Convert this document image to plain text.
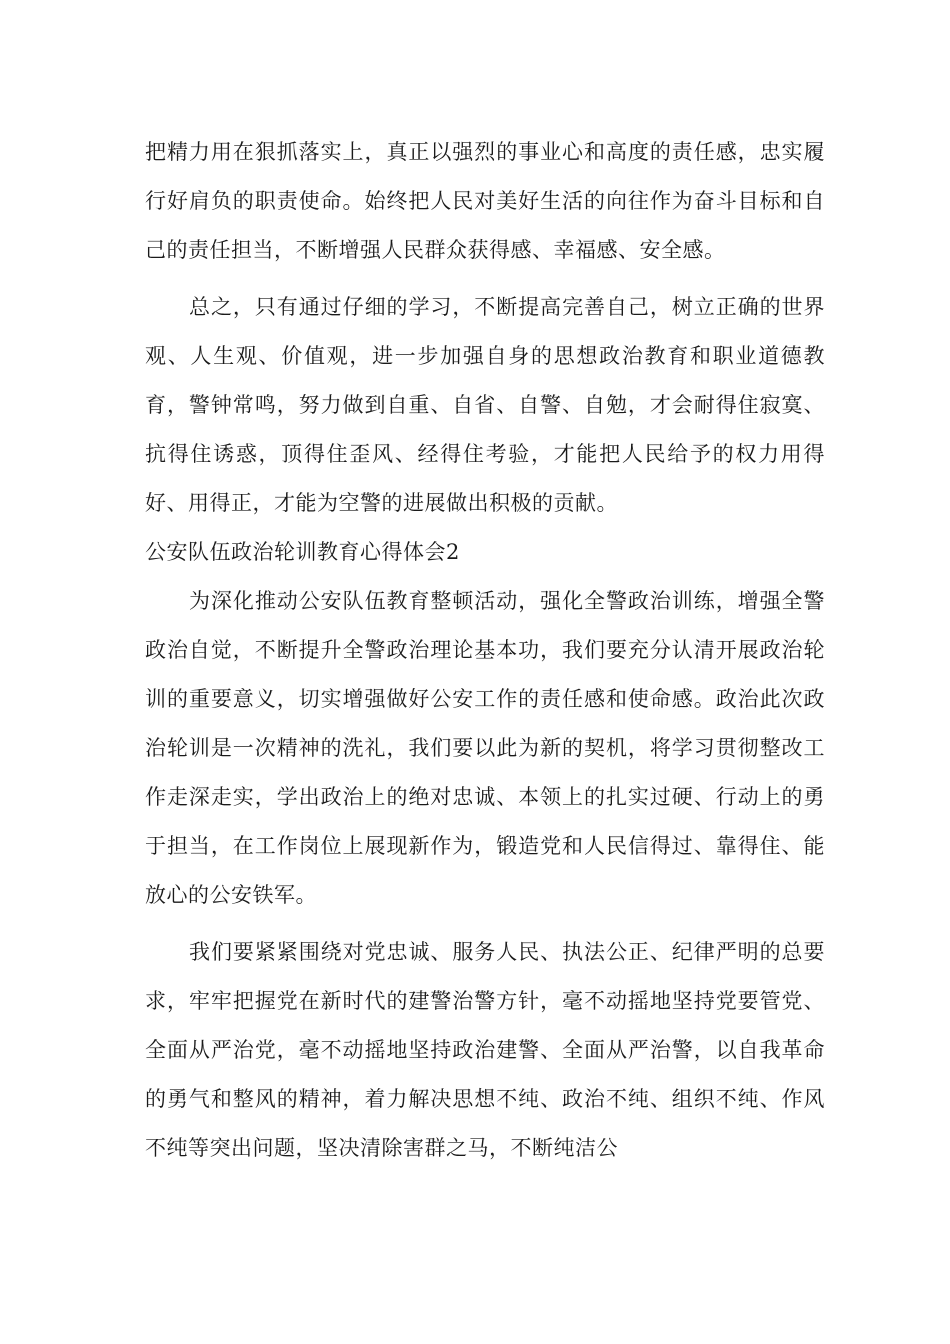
把精力用在狠抓落实上，真正以强烈的事业心和高度的责任感，忠实履行好肩负的职责使命。始终把人民对美好生活的向往作为奋斗目标和自己的责任担当，不断增强人民群众获得感、幸福感、安全感。

总之，只有通过仔细的学习，不断提高完善自己，树立正确的世界观、人生观、价值观，进一步加强自身的思想政治教育和职业道德教育，警钟常鸣，努力做到自重、自省、自警、自勉，才会耐得住寂寞、抗得住诱惑，顶得住歪风、经得住考验，才能把人民给予的权力用得好、用得正，才能为空警的进展做出积极的贡献。

公安队伍政治轮训教育心得体会2

为深化推动公安队伍教育整顿活动，强化全警政治训练，增强全警政治自觉，不断提升全警政治理论基本功，我们要充分认清开展政治轮训的重要意义，切实增强做好公安工作的责任感和使命感。政治此次政治轮训是一次精神的洗礼，我们要以此为新的契机，将学习贯彻整改工作走深走实，学出政治上的绝对忠诚、本领上的扎实过硬、行动上的勇于担当，在工作岗位上展现新作为，锻造党和人民信得过、靠得住、能放心的公安铁军。

我们要紧紧围绕对党忠诚、服务人民、执法公正、纪律严明的总要求，牢牢把握党在新时代的建警治警方针，毫不动摇地坚持党要管党、全面从严治党，毫不动摇地坚持政治建警、全面从严治警，以自我革命的勇气和整风的精神，着力解决思想不纯、政治不纯、组织不纯、作风不纯等突出问题，坚决清除害群之马，不断纯洁公
